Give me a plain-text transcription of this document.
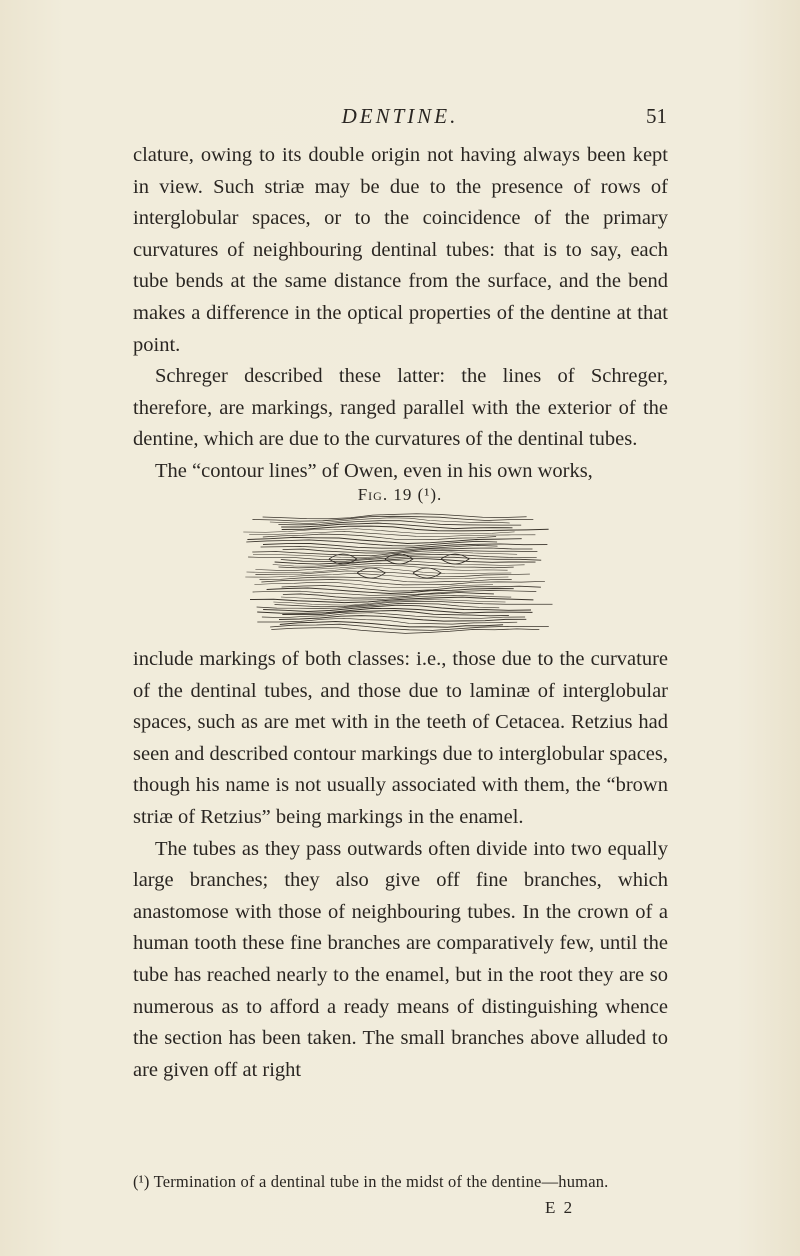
DENTINE.	51

clature, owing to its double origin not having always been kept in view. Such striæ may be due to the presence of rows of interglobular spaces, or to the coincidence of the primary curvatures of neighbouring dentinal tubes: that is to say, each tube bends at the same distance from the surface, and the bend makes a difference in the optical properties of the dentine at that point.

Schreger described these latter: the lines of Schreger, therefore, are markings, ranged parallel with the exterior of the dentine, which are due to the curvatures of the dentinal tubes.

The “contour lines” of Owen, even in his own works,

Fig. 19 (¹).

include markings of both classes: i.e., those due to the curvature of the dentinal tubes, and those due to laminæ of interglobular spaces, such as are met with in the teeth of Cetacea. Retzius had seen and described contour markings due to interglobular spaces, though his name is not usually associated with them, the “brown striæ of Retzius” being markings in the enamel.

The tubes as they pass outwards often divide into two equally large branches; they also give off fine branches, which anastomose with those of neighbouring tubes. In the crown of a human tooth these fine branches are comparatively few, until the tube has reached nearly to the enamel, but in the root they are so numerous as to afford a ready means of distinguishing whence the section has been taken. The small branches above alluded to are given off at right

(¹) Termination of a dentinal tube in the midst of the dentine—human.
E 2
